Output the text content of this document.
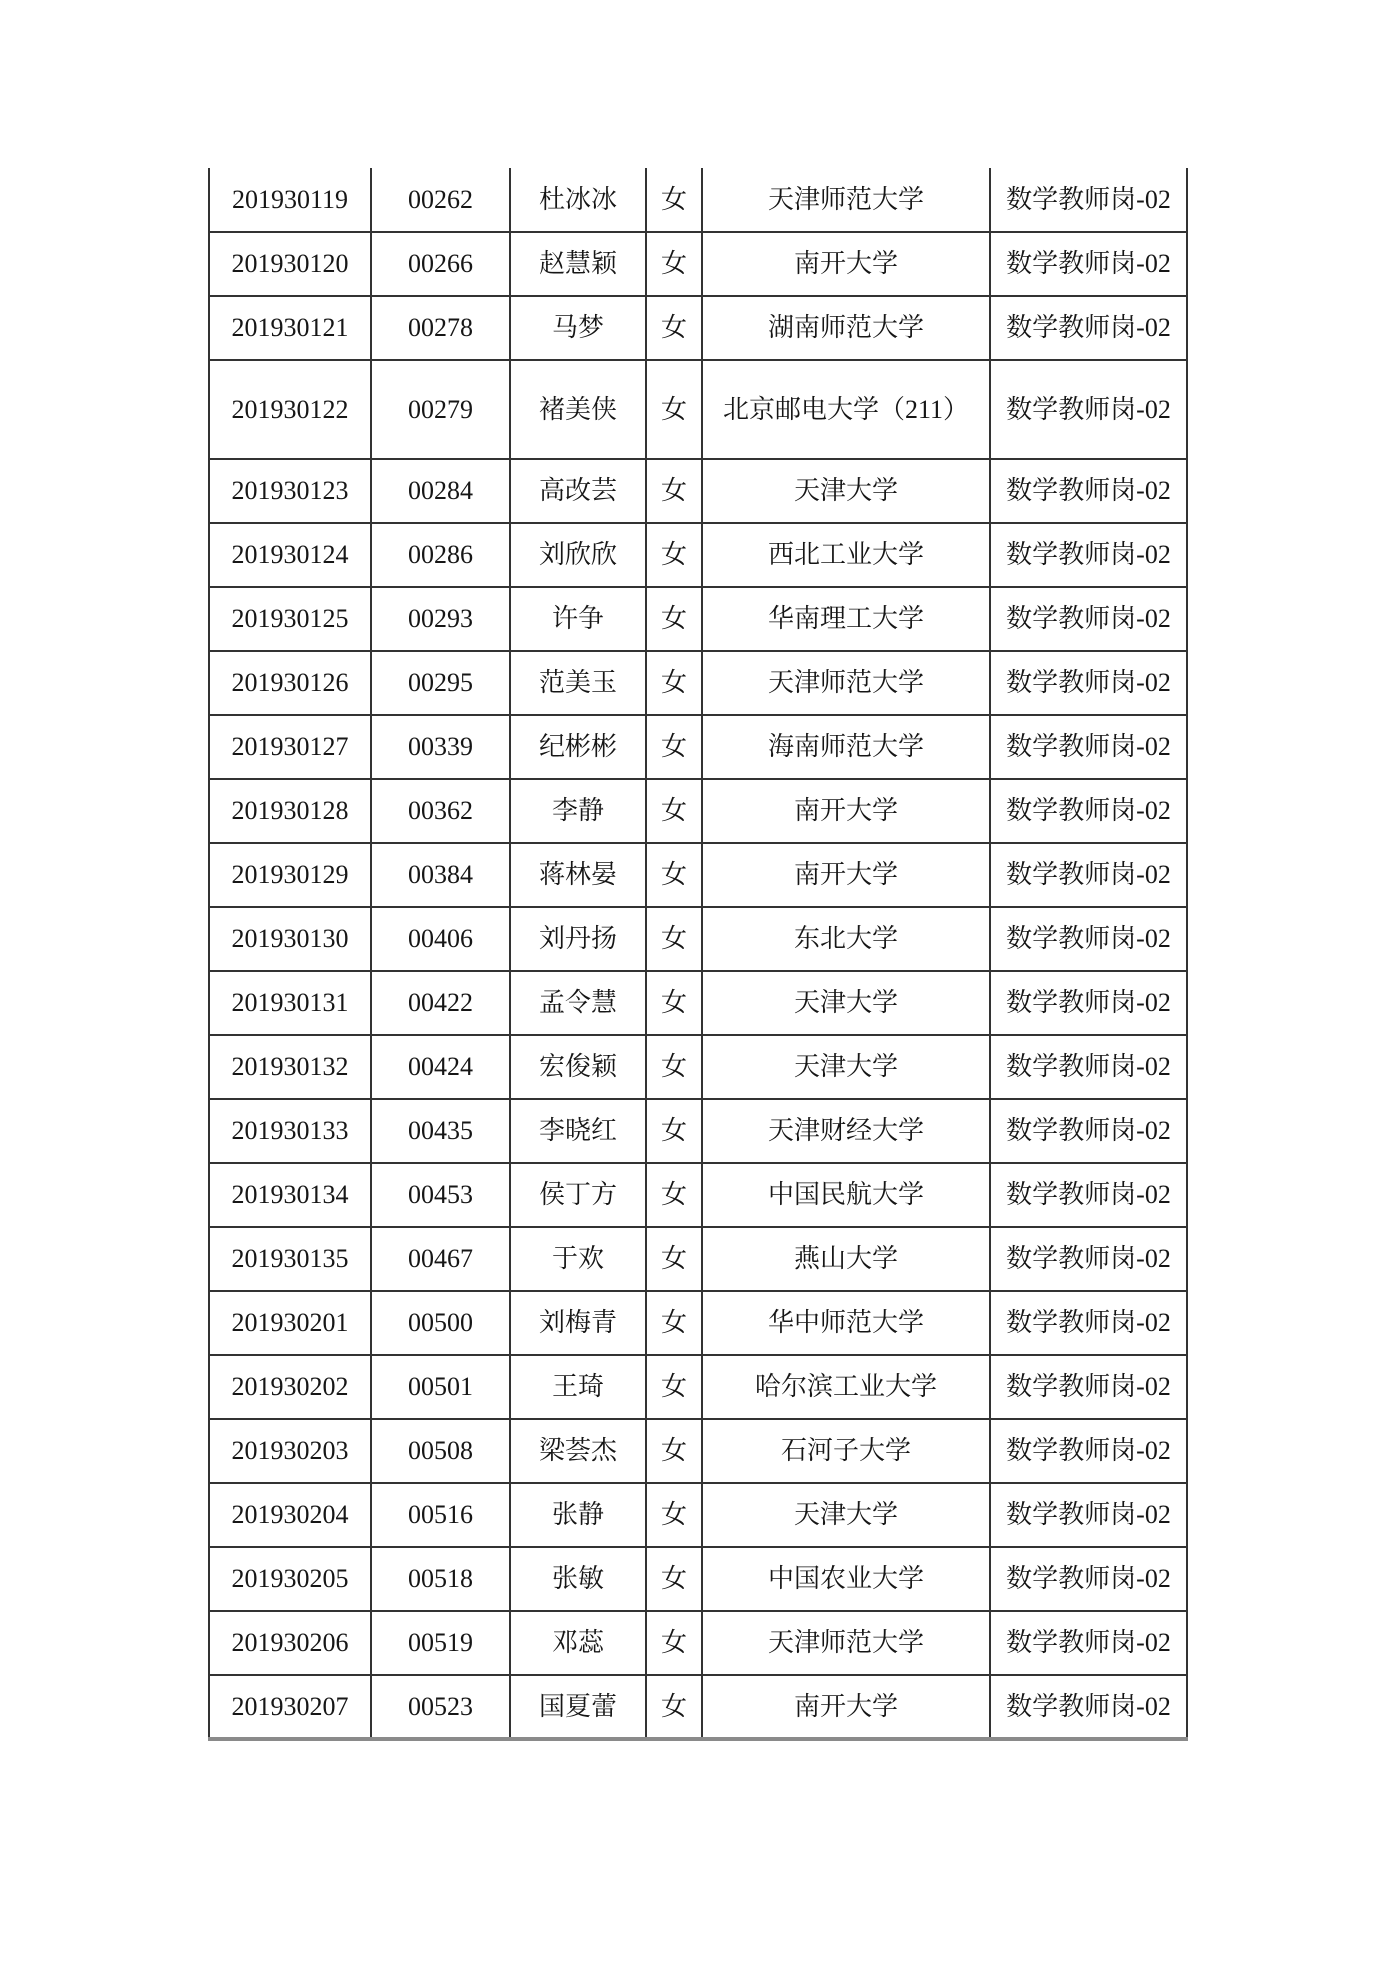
201930119	00262	杜冰冰	女	天津师范大学	数学教师岗-02
201930120	00266	赵慧颖	女	南开大学	数学教师岗-02
201930121	00278	马梦	女	湖南师范大学	数学教师岗-02
201930122	00279	褚美侠	女	北京邮电大学（211）	数学教师岗-02
201930123	00284	高改芸	女	天津大学	数学教师岗-02
201930124	00286	刘欣欣	女	西北工业大学	数学教师岗-02
201930125	00293	许争	女	华南理工大学	数学教师岗-02
201930126	00295	范美玉	女	天津师范大学	数学教师岗-02
201930127	00339	纪彬彬	女	海南师范大学	数学教师岗-02
201930128	00362	李静	女	南开大学	数学教师岗-02
201930129	00384	蒋林晏	女	南开大学	数学教师岗-02
201930130	00406	刘丹扬	女	东北大学	数学教师岗-02
201930131	00422	孟令慧	女	天津大学	数学教师岗-02
201930132	00424	宏俊颖	女	天津大学	数学教师岗-02
201930133	00435	李晓红	女	天津财经大学	数学教师岗-02
201930134	00453	侯丁方	女	中国民航大学	数学教师岗-02
201930135	00467	于欢	女	燕山大学	数学教师岗-02
201930201	00500	刘梅青	女	华中师范大学	数学教师岗-02
201930202	00501	王琦	女	哈尔滨工业大学	数学教师岗-02
201930203	00508	梁荟杰	女	石河子大学	数学教师岗-02
201930204	00516	张静	女	天津大学	数学教师岗-02
201930205	00518	张敏	女	中国农业大学	数学教师岗-02
201930206	00519	邓蕊	女	天津师范大学	数学教师岗-02
201930207	00523	国夏蕾	女	南开大学	数学教师岗-02
